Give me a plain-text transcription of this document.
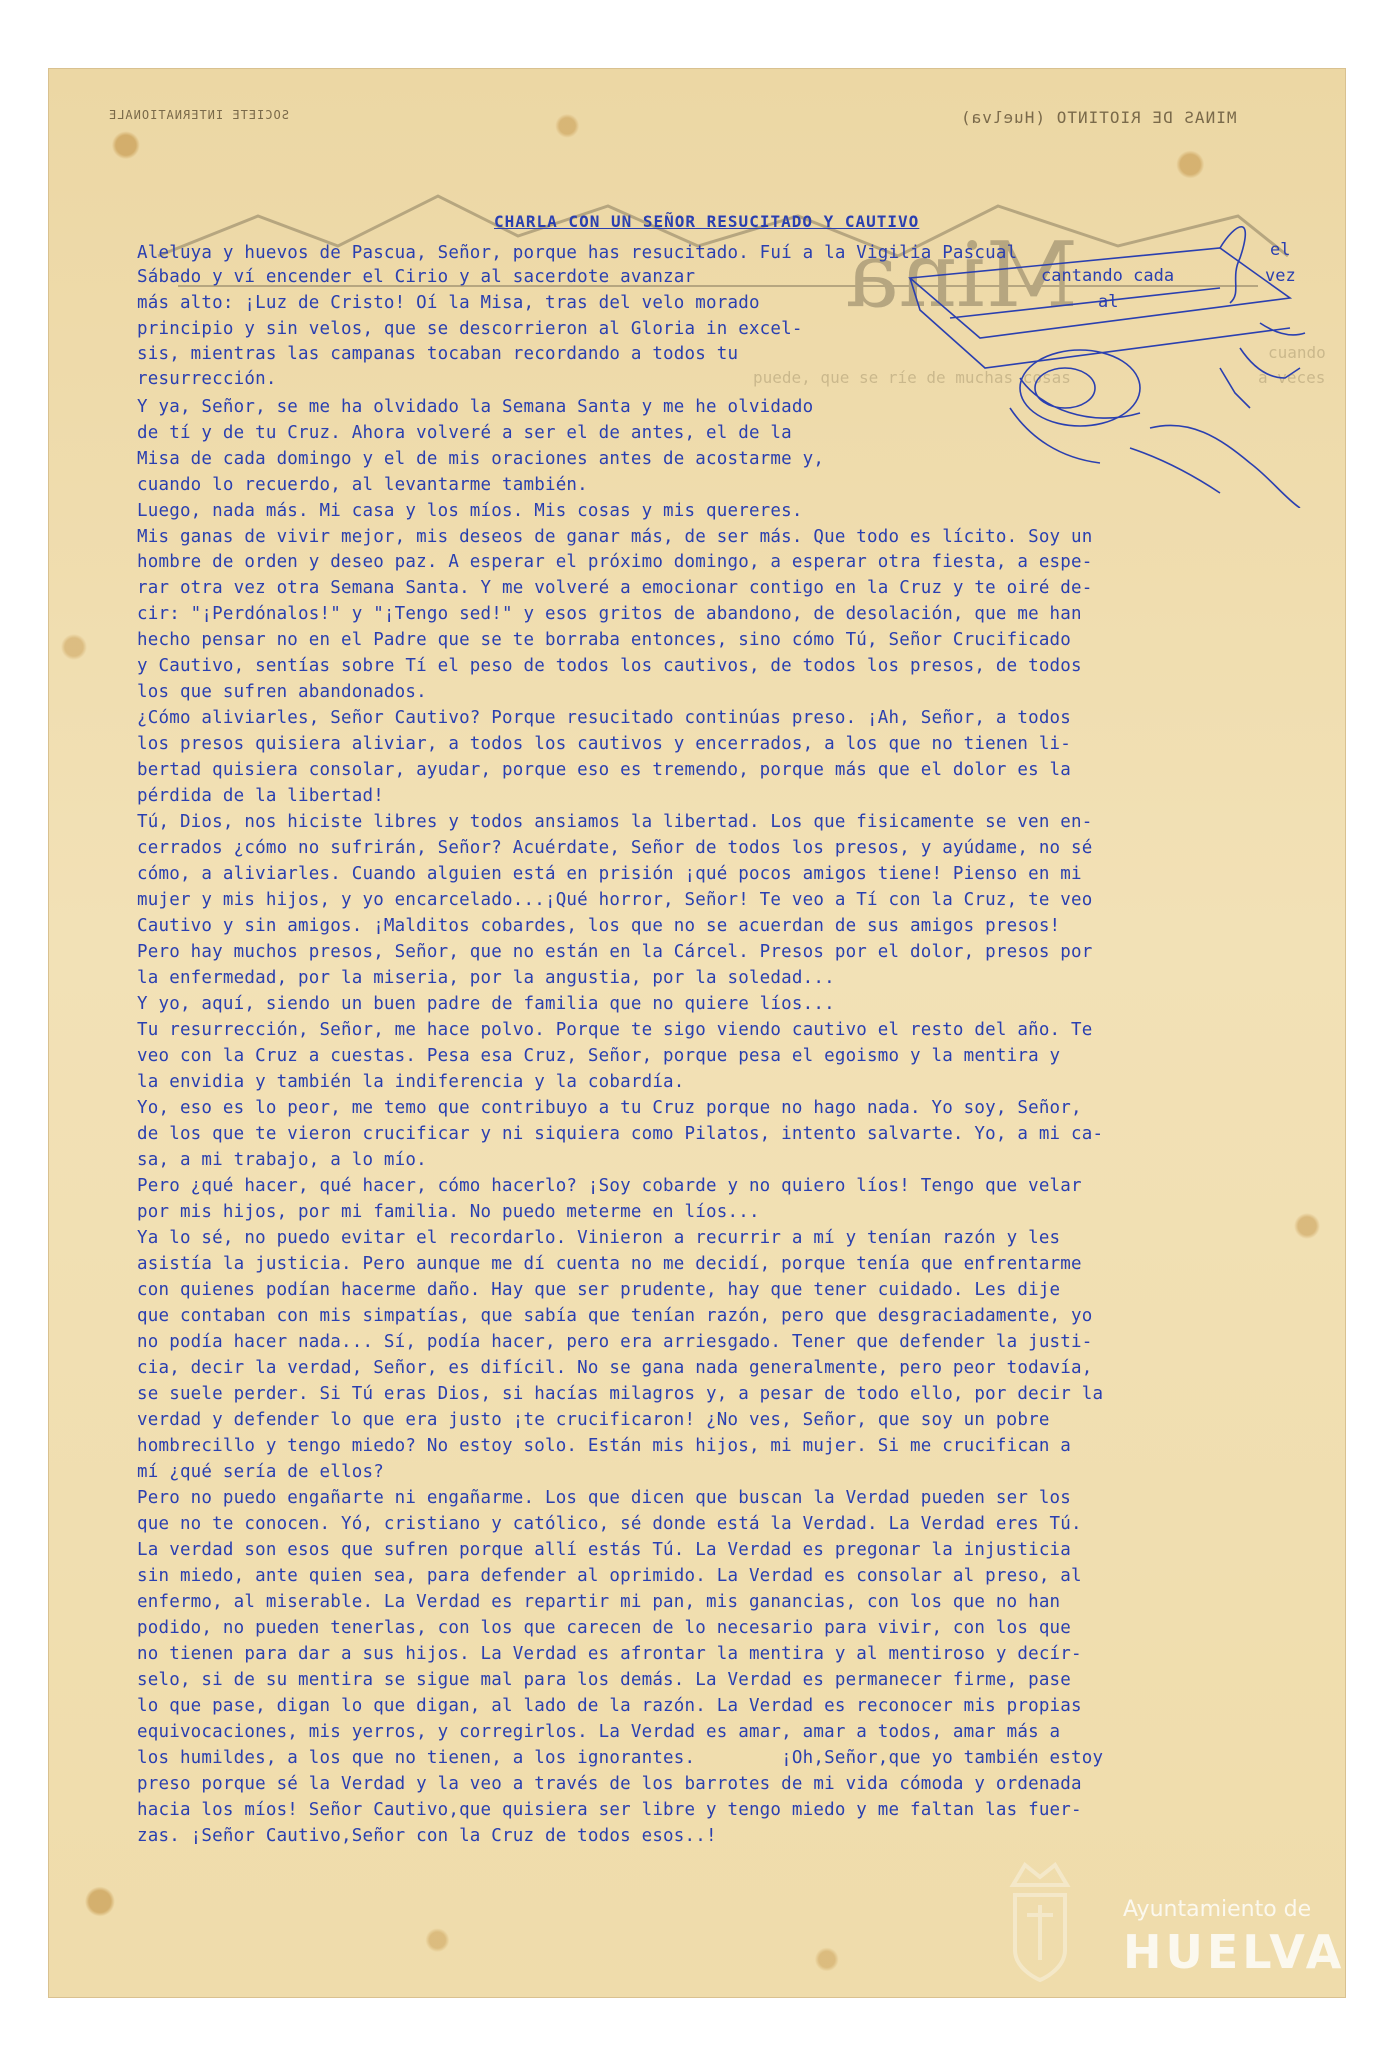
Mina
SOCIETE INTERNATIONALE	MINAS DE RIOTINTO (Huelva)
cuando
puede, que se ríe de muchas cosas	a veces
CHARLA CON UN SEÑOR RESUCITADO Y CAUTIVO
el
cantando cada	vez
al
Aleluya y huevos de Pascua, Señor, porque has resucitado. Fuí a la Vigilia Pascual
Sábado y ví encender el Cirio y al sacerdote avanzar
más alto: ¡Luz de Cristo! Oí la Misa, tras del velo morado
principio y sin velos, que se descorrieron al Gloria in excel-
sis, mientras las campanas tocaban recordando a todos tu
resurrección.
Y ya, Señor, se me ha olvidado la Semana Santa y me he olvidado
de tí y de tu Cruz. Ahora volveré a ser el de antes, el de la
Misa de cada domingo y el de mis oraciones antes de acostarme y,
cuando lo recuerdo, al levantarme también.
Luego, nada más. Mi casa y los míos. Mis cosas y mis quereres.
Mis ganas de vivir mejor, mis deseos de ganar más, de ser más. Que todo es lícito. Soy un
hombre de orden y deseo paz. A esperar el próximo domingo, a esperar otra fiesta, a espe-
rar otra vez otra Semana Santa. Y me volveré a emocionar contigo en la Cruz y te oiré de-
cir: "¡Perdónalos!" y "¡Tengo sed!" y esos gritos de abandono, de desolación, que me han
hecho pensar no en el Padre que se te borraba entonces, sino cómo Tú, Señor Crucificado
y Cautivo, sentías sobre Tí el peso de todos los cautivos, de todos los presos, de todos
los que sufren abandonados.
¿Cómo aliviarles, Señor Cautivo? Porque resucitado continúas preso. ¡Ah, Señor, a todos
los presos quisiera aliviar, a todos los cautivos y encerrados, a los que no tienen li-
bertad quisiera consolar, ayudar, porque eso es tremendo, porque más que el dolor es la
pérdida de la libertad!
Tú, Dios, nos hiciste libres y todos ansiamos la libertad. Los que fisicamente se ven en-
cerrados ¿cómo no sufrirán, Señor? Acuérdate, Señor de todos los presos, y ayúdame, no sé
cómo, a aliviarles. Cuando alguien está en prisión ¡qué pocos amigos tiene! Pienso en mi
mujer y mis hijos, y yo encarcelado...¡Qué horror, Señor! Te veo a Tí con la Cruz, te veo
Cautivo y sin amigos. ¡Malditos cobardes, los que no se acuerdan de sus amigos presos!
Pero hay muchos presos, Señor, que no están en la Cárcel. Presos por el dolor, presos por
la enfermedad, por la miseria, por la angustia, por la soledad...
Y yo, aquí, siendo un buen padre de familia que no quiere líos...
Tu resurrección, Señor, me hace polvo. Porque te sigo viendo cautivo el resto del año. Te
veo con la Cruz a cuestas. Pesa esa Cruz, Señor, porque pesa el egoismo y la mentira y
la envidia y también la indiferencia y la cobardía.
Yo, eso es lo peor, me temo que contribuyo a tu Cruz porque no hago nada. Yo soy, Señor,
de los que te vieron crucificar y ni siquiera como Pilatos, intento salvarte. Yo, a mi ca-
sa, a mi trabajo, a lo mío.
Pero ¿qué hacer, qué hacer, cómo hacerlo? ¡Soy cobarde y no quiero líos! Tengo que velar
por mis hijos, por mi familia. No puedo meterme en líos...
Ya lo sé, no puedo evitar el recordarlo. Vinieron a recurrir a mí y tenían razón y les
asistía la justicia. Pero aunque me dí cuenta no me decidí, porque tenía que enfrentarme
con quienes podían hacerme daño. Hay que ser prudente, hay que tener cuidado. Les dije
que contaban con mis simpatías, que sabía que tenían razón, pero que desgraciadamente, yo
no podía hacer nada... Sí, podía hacer, pero era arriesgado. Tener que defender la justi-
cia, decir la verdad, Señor, es difícil. No se gana nada generalmente, pero peor todavía,
se suele perder. Si Tú eras Dios, si hacías milagros y, a pesar de todo ello, por decir la
verdad y defender lo que era justo ¡te crucificaron! ¿No ves, Señor, que soy un pobre
hombrecillo y tengo miedo? No estoy solo. Están mis hijos, mi mujer. Si me crucifican a
mí ¿qué sería de ellos?
Pero no puedo engañarte ni engañarme. Los que dicen que buscan la Verdad pueden ser los
que no te conocen. Yó, cristiano y católico, sé donde está la Verdad. La Verdad eres Tú.
La verdad son esos que sufren porque allí estás Tú. La Verdad es pregonar la injusticia
sin miedo, ante quien sea, para defender al oprimido. La Verdad es consolar al preso, al
enfermo, al miserable. La Verdad es repartir mi pan, mis ganancias, con los que no han
podido, no pueden tenerlas, con los que carecen de lo necesario para vivir, con los que
no tienen para dar a sus hijos. La Verdad es afrontar la mentira y al mentiroso y decír-
selo, si de su mentira se sigue mal para los demás. La Verdad es permanecer firme, pase
lo que pase, digan lo que digan, al lado de la razón. La Verdad es reconocer mis propias
equivocaciones, mis yerros, y corregirlos. La Verdad es amar, amar a todos, amar más a
los humildes, a los que no tienen, a los ignorantes.        ¡Oh,Señor,que yo también estoy
preso porque sé la Verdad y la veo a través de los barrotes de mi vida cómoda y ordenada
hacia los míos! Señor Cautivo,que quisiera ser libre y tengo miedo y me faltan las fuer-
zas. ¡Señor Cautivo,Señor con la Cruz de todos esos..!
Ayuntamiento de
HUELVA
